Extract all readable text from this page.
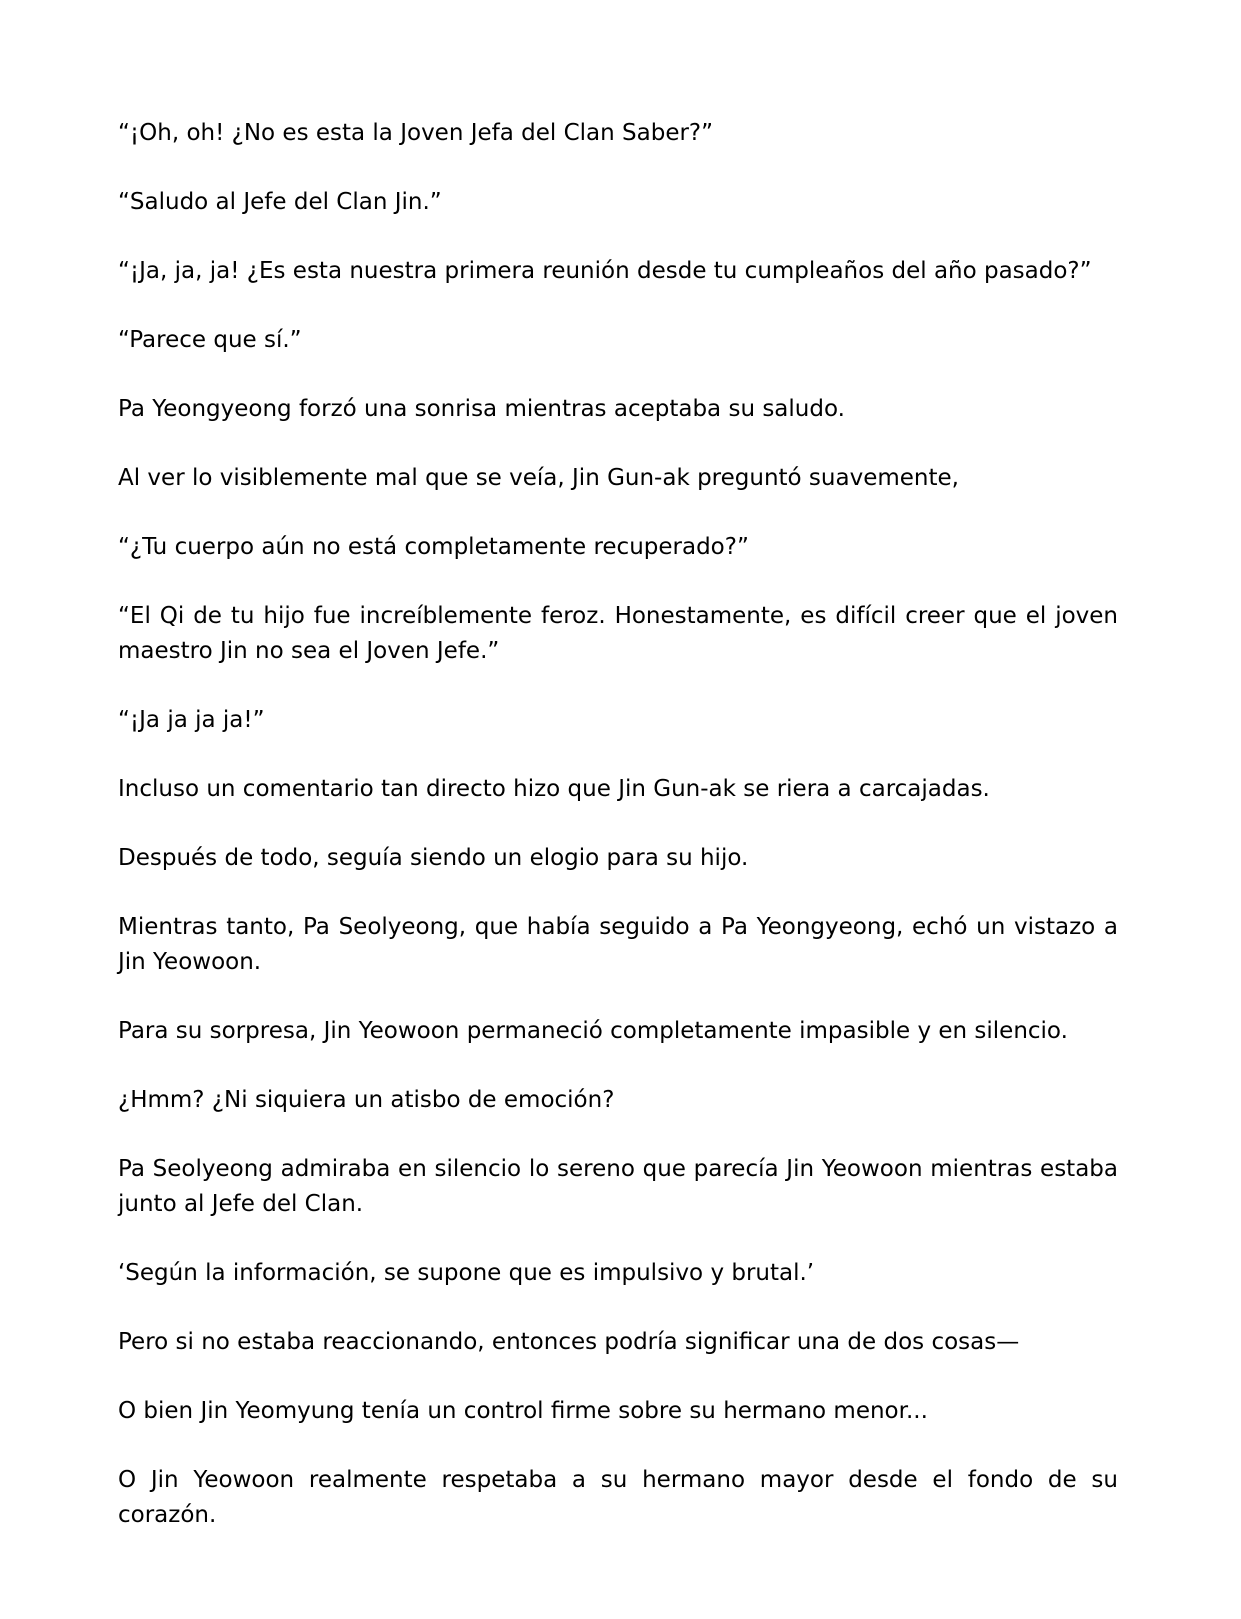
“¡Oh, oh! ¿No es esta la Joven Jefa del Clan Saber?”

“Saludo al Jefe del Clan Jin.”

“¡Ja, ja, ja! ¿Es esta nuestra primera reunión desde tu cumpleaños del año pasado?”

“Parece que sí.”

Pa Yeongyeong forzó una sonrisa mientras aceptaba su saludo.

Al ver lo visiblemente mal que se veía, Jin Gun-ak preguntó suavemente,

“¿Tu cuerpo aún no está completamente recuperado?”

“El Qi de tu hijo fue increíblemente feroz. Honestamente, es difícil creer que el joven maestro Jin no sea el Joven Jefe.”

“¡Ja ja ja ja!”

Incluso un comentario tan directo hizo que Jin Gun-ak se riera a carcajadas.

Después de todo, seguía siendo un elogio para su hijo.

Mientras tanto, Pa Seolyeong, que había seguido a Pa Yeongyeong, echó un vistazo a Jin Yeowoon.

Para su sorpresa, Jin Yeowoon permaneció completamente impasible y en silencio.

¿Hmm? ¿Ni siquiera un atisbo de emoción?

Pa Seolyeong admiraba en silencio lo sereno que parecía Jin Yeowoon mientras estaba junto al Jefe del Clan.

‘Según la información, se supone que es impulsivo y brutal.’

Pero si no estaba reaccionando, entonces podría significar una de dos cosas—

O bien Jin Yeomyung tenía un control firme sobre su hermano menor...

O Jin Yeowoon realmente respetaba a su hermano mayor desde el fondo de su corazón.
